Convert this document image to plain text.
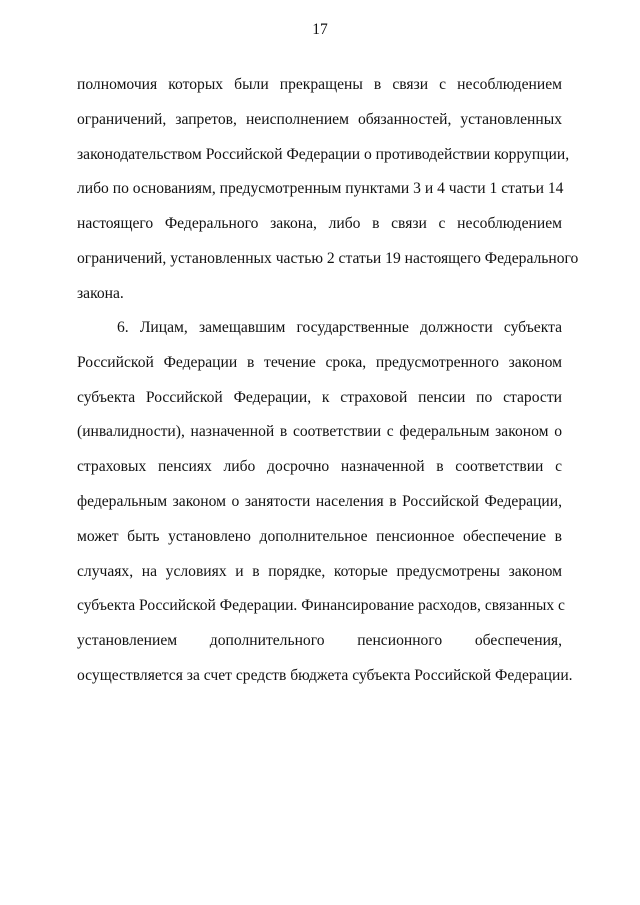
17
полномочия которых были прекращены в связи с несоблюдением
ограничений, запретов, неисполнением обязанностей, установленных
законодательством Российской Федерации о противодействии коррупции,
либо по основаниям, предусмотренным пунктами 3 и 4 части 1 статьи 14
настоящего Федерального закона, либо в связи с несоблюдением
ограничений, установленных частью 2 статьи 19 настоящего Федерального
закона.
6. Лицам, замещавшим государственные должности субъекта
Российской Федерации в течение срока, предусмотренного законом
субъекта Российской Федерации, к страховой пенсии по старости
(инвалидности), назначенной в соответствии с федеральным законом о
страховых пенсиях либо досрочно назначенной в соответствии с
федеральным законом о занятости населения в Российской Федерации,
может быть установлено дополнительное пенсионное обеспечение в
случаях, на условиях и в порядке, которые предусмотрены законом
субъекта Российской Федерации. Финансирование расходов, связанных с
установлением дополнительного пенсионного обеспечения,
осуществляется за счет средств бюджета субъекта Российской Федерации.
